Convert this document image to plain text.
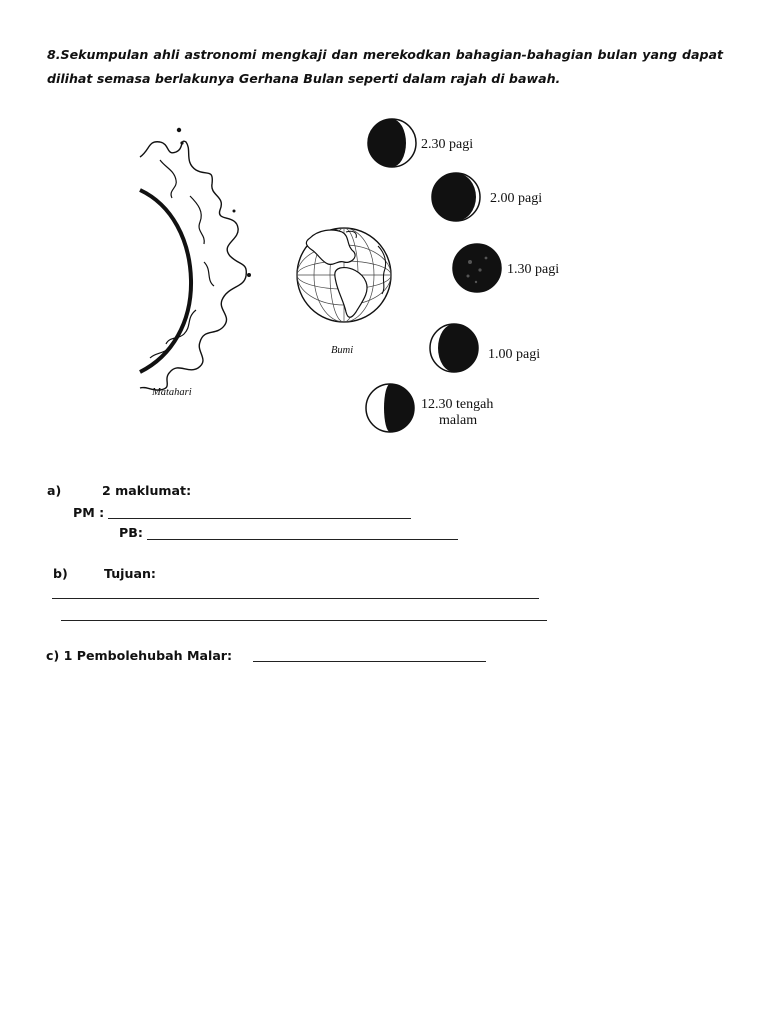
8.Sekumpulan ahli astronomi mengkaji dan merekodkan bahagian-bahagian bulan yang dapat
dilihat semasa berlakunya Gerhana Bulan seperti dalam rajah di bawah.
Matahari
Bumi
2.30 pagi
2.00 pagi
1.30 pagi
1.00 pagi
12.30 tengah
malam
a)	2 maklumat:
PM :
PB:
b)	Tujuan:
c) 1 Pembolehubah Malar:
